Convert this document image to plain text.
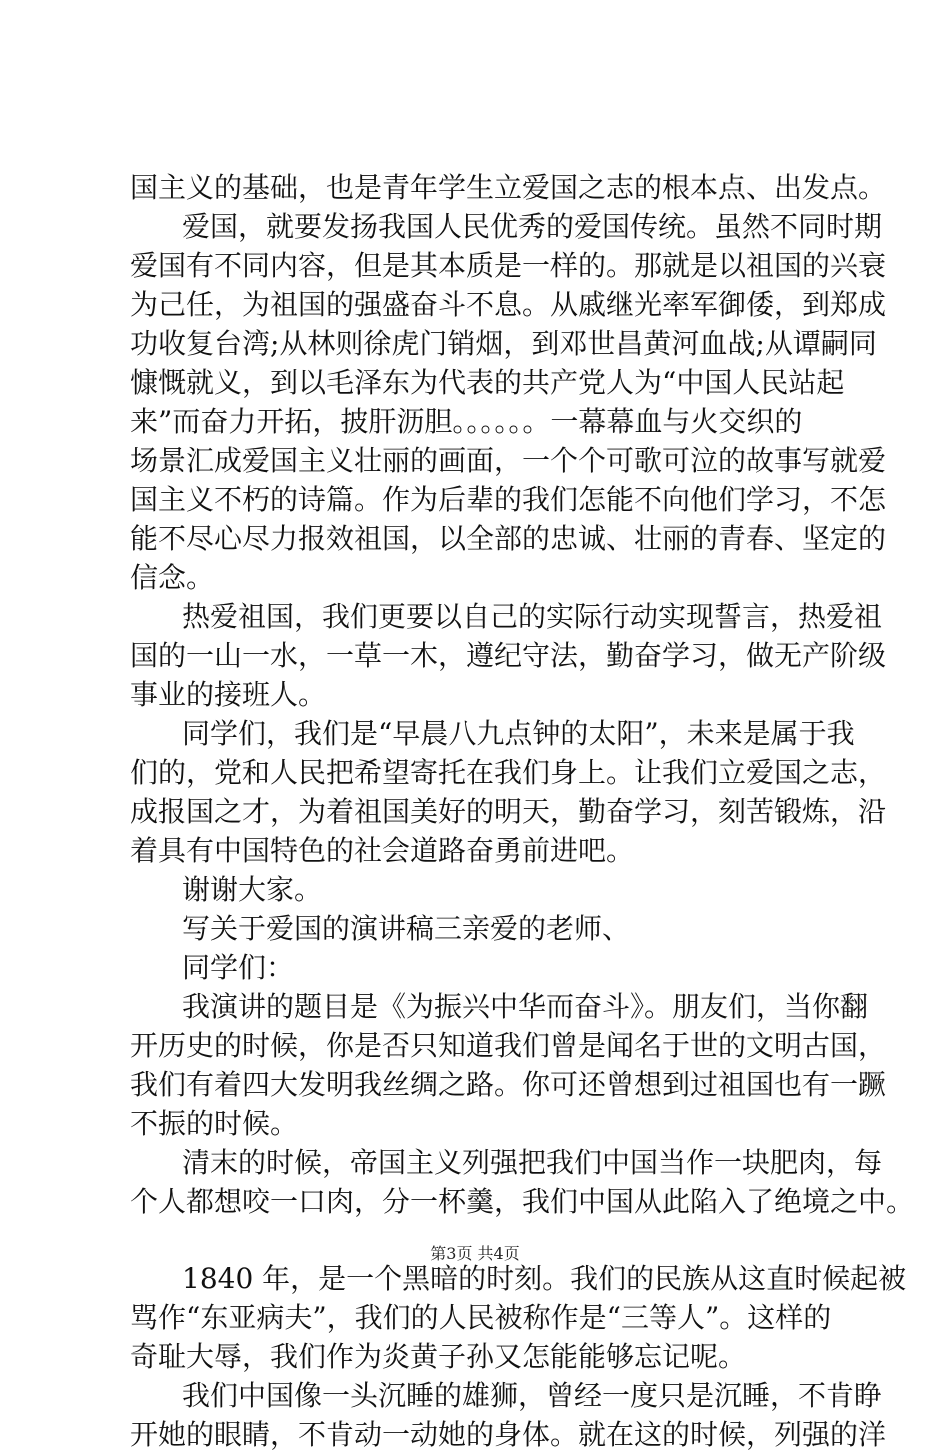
国主义的基础，也是青年学生立爱国之志的根本点、出发点。
爱国，就要发扬我国人民优秀的爱国传统。虽然不同时期
爱国有不同内容，但是其本质是一样的。那就是以祖国的兴衰
为己任，为祖国的强盛奋斗不息。从戚继光率军御倭，到郑成
功收复台湾;从林则徐虎门销烟，到邓世昌黄河血战;从谭嗣同
慷慨就义，到以毛泽东为代表的共产党人为“中国人民站起
来”而奋力开拓，披肝沥胆。。。。。。一幕幕血与火交织的
场景汇成爱国主义壮丽的画面，一个个可歌可泣的故事写就爱
国主义不朽的诗篇。作为后辈的我们怎能不向他们学习，不怎
能不尽心尽力报效祖国，以全部的忠诚、壮丽的青春、坚定的
信念。
热爱祖国，我们更要以自己的实际行动实现誓言，热爱祖
国的一山一水，一草一木，遵纪守法，勤奋学习，做无产阶级
事业的接班人。
同学们，我们是“早晨八九点钟的太阳”，未来是属于我
们的，党和人民把希望寄托在我们身上。让我们立爱国之志，
成报国之才，为着祖国美好的明天，勤奋学习，刻苦锻炼，沿
着具有中国特色的社会道路奋勇前进吧。
谢谢大家。
写关于爱国的演讲稿三亲爱的老师、
同学们：
我演讲的题目是《为振兴中华而奋斗》。朋友们，当你翻
开历史的时候，你是否只知道我们曾是闻名于世的文明古国，
我们有着四大发明我丝绸之路。你可还曾想到过祖国也有一蹶
不振的时候。
清末的时候，帝国主义列强把我们中国当作一块肥肉，每
个人都想咬一口肉，分一杯羹，我们中国从此陷入了绝境之中。
1840 年，是一个黑暗的时刻。我们的民族从这直时候起被
骂作“东亚病夫”，我们的人民被称作是“三等人”。这样的
奇耻大辱，我们作为炎黄子孙又怎能能够忘记呢。
我们中国像一头沉睡的雄狮，曾经一度只是沉睡，不肯睁
开她的眼睛，不肯动一动她的身体。就在这的时候，列强的洋
第3页 共4页
